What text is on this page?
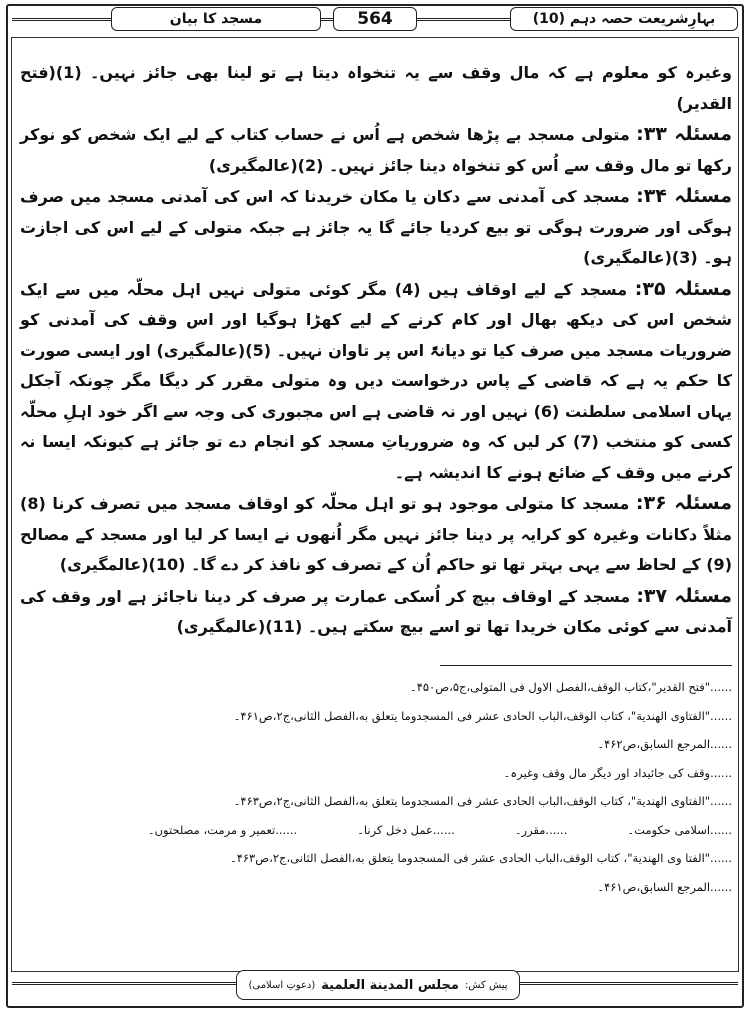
مسجد کا بیان	564	بہارِشریعت حصہ دہم (10)

وغیرہ کو معلوم ہے کہ مال وقف سے یہ تنخواہ دیتا ہے تو لینا بھی جائز نہیں۔ (1)(فتح القدیر)

مسئلہ ۳۳: متولی مسجد بے پڑھا شخص ہے اُس نے حساب کتاب کے لیے ایک شخص کو نوکر رکھا تو مال وقف سے اُس کو تنخواہ دینا جائز نہیں۔ (2)(عالمگیری)

مسئلہ ۳۴: مسجد کی آمدنی سے دکان یا مکان خریدنا کہ اس کی آمدنی مسجد میں صرف ہوگی اور ضرورت ہوگی تو بیع کردیا جائے گا یہ جائز ہے جبکہ متولی کے لیے اس کی اجازت ہو۔ (3)(عالمگیری)

مسئلہ ۳۵: مسجد کے لیے اوقاف ہیں (4) مگر کوئی متولی نہیں اہل محلّہ میں سے ایک شخص اس کی دیکھ بھال اور کام کرنے کے لیے کھڑا ہوگیا اور اس وقف کی آمدنی کو ضروریات مسجد میں صرف کیا تو دیانۃً اس پر تاوان نہیں۔ (5)(عالمگیری) اور ایسی صورت کا حکم یہ ہے کہ قاضی کے پاس درخواست دیں وہ متولی مقرر کر دیگا مگر چونکہ آجکل یہاں اسلامی سلطنت (6) نہیں اور نہ قاضی ہے اس مجبوری کی وجہ سے اگر خود اہلِ محلّہ کسی کو منتخب (7) کر لیں کہ وہ ضروریاتِ مسجد کو انجام دے تو جائز ہے کیونکہ ایسا نہ کرنے میں وقف کے ضائع ہونے کا اندیشہ ہے۔

مسئلہ ۳۶: مسجد کا متولی موجود ہو تو اہل محلّہ کو اوقاف مسجد میں تصرف کرنا (8) مثلاً دکانات وغیرہ کو کرایہ پر دینا جائز نہیں مگر اُنھوں نے ایسا کر لیا اور مسجد کے مصالح (9) کے لحاظ سے یہی بہتر تھا تو حاکم اُن کے تصرف کو نافذ کر دے گا۔ (10)(عالمگیری)

مسئلہ ۳۷: مسجد کے اوقاف بیچ کر اُسکی عمارت پر صرف کر دینا ناجائز ہے اور وقف کی آمدنی سے کوئی مکان خریدا تھا تو اسے بیچ سکتے ہیں۔ (11)(عالمگیری)

......"فتح القدیر"،کتاب الوقف،الفصل الاول فی المتولی،ج۵،ص۴۵۰۔
......"الفتاوی الهندیة"، کتاب الوقف،الباب الحادی عشر فی المسجدوما یتعلق به،الفصل الثانی،ج۲،ص۴۶۱۔
......المرجع السابق،ص۴۶۲۔
......وقف کی جائیداد اور دیگر مال وقف وغیرہ۔
......"الفتاوی الهندیة"، کتاب الوقف،الباب الحادی عشر فی المسجدوما یتعلق به،الفصل الثانی،ج۲،ص۴۶۳۔
......اسلامی حکومت۔
......مقرر۔
......عمل دخل کرنا۔
......تعمیر و مرمت، مصلحتوں۔
......"الفتا وی الهندیة"، کتاب الوقف،الباب الحادی عشر فی المسجدوما یتعلق به،الفصل الثانی،ج۲،ص۴۶۳۔
......المرجع السابق،ص۴۶۱۔
پیش کش:
مجلس المدینة العلمیة
(دعوتِ اسلامی)
